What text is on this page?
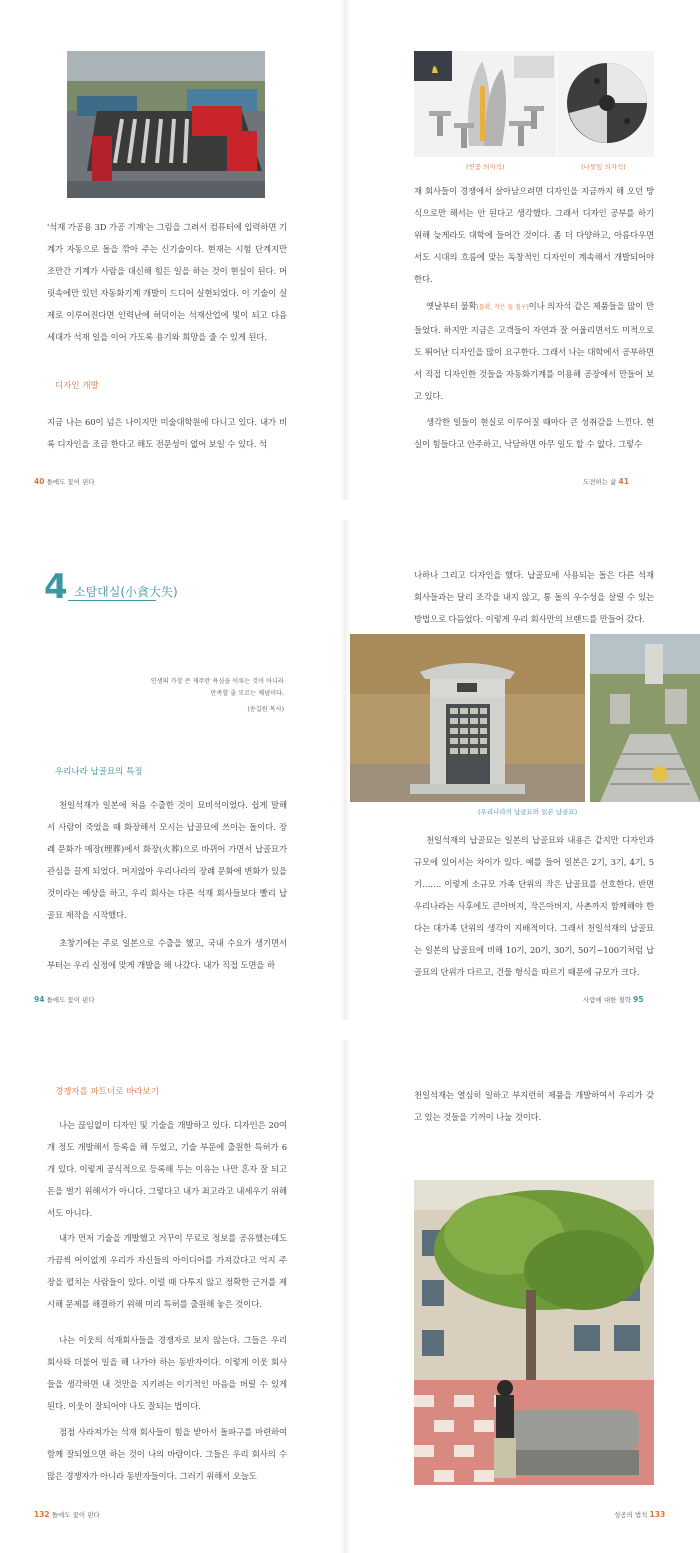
'석재 가공용 3D 가공 기계'는 그림을 그려서 컴퓨터에 입력하면 기계가 자동으로 돌을 깎아 주는 신기술이다. 현재는 시험 단계지만 조만간 기계가 사람을 대신해 힘든 일을 하는 것이 현실이 된다. 머릿속에만 있던 자동화기계 개발이 드디어 실현되었다. 이 기술이 실제로 이루어진다면 인력난에 허덕이는 석재산업에 빛이 되고 다음 세대가 석재 일을 이어 가도록 용기와 희망을 줄 수 있게 된다.

디자인 개발

지금 나는 60이 넘은 나이지만 미술대학원에 다니고 있다. 내가 비록 디자인을 조금 한다고 해도 전문성이 없어 보일 수 있다. 석

40 돌에도 꽃이 핀다

(연꽃 의자석)	(나뭇잎 의자석)

재 회사들이 경쟁에서 살아남으려면 디자인을 지금까지 해 오던 방식으로만 해서는 안 된다고 생각했다. 그래서 디자인 공부를 하기 위해 늦게라도 대학에 들어간 것이다. 좀 더 다양하고, 아름다우면서도 시대의 흐름에 맞는 독창적인 디자인이 계속해서 개발되어야 한다.

옛날부터 물확(물확, 작은 돌 절구)이나 의자석 같은 제품들을 많이 만들었다. 하지만 지금은 고객들이 자연과 잘 어울리면서도 미적으로도 뛰어난 디자인을 많이 요구한다. 그래서 나는 대학에서 공부하면서 직접 디자인한 것들을 자동화기계를 이용해 공장에서 만들어 보고 있다.

생각한 일들이 현실로 이루어질 때마다 큰 성취감을 느낀다. 현실이 힘들다고 안주하고, 낙담하면 아무 일도 할 수 없다. 그렇수

도전하는 삶 41

4 소탐대실(小貪大失)

인생의 가장 큰 재주란 욕심을 이루는 것이 아니라

만족할 줄 모르는 체념이다.

(송길원 목사)

우리나라 납골묘의 특징

천일석재가 일본에 처음 수출한 것이 묘비석이었다. 쉽게 말해서 사람이 죽었을 때 화장해서 모시는 납골묘에 쓰이는 돌이다. 장례 문화가 매장(埋葬)에서 화장(火葬)으로 바뀌어 가면서 납골묘가 관심을 끌게 되었다. 머지않아 우리나라의 장례 문화에 변화가 있을 것이라는 예상을 하고, 우리 회사는 다른 석재 회사들보다 빨리 납골묘 제작을 시작했다.

초창기에는 주로 일본으로 수출을 했고, 국내 수요가 생기면서부터는 우리 실정에 맞게 개발을 해 나갔다. 내가 직접 도면을 하

94 돌에도 꽃이 핀다

나하나 그리고 디자인을 했다. 납골묘에 사용되는 돌은 다른 석재 회사들과는 달리 조각을 내지 않고, 통 돌의 우수성을 살릴 수 있는 방법으로 다듬었다. 이렇게 우리 회사만의 브랜드를 만들어 갔다.

(우리나라의 납골묘와 일본 납골묘)

천일석재의 납골묘는 일본의 납골묘와 내용은 같지만 디자인과 규모에 있어서는 차이가 있다. 예를 들어 일본은 2기, 3기, 4기, 5기……. 이렇게 소규모 가족 단위의 작은 납골묘를 선호한다. 반면 우리나라는 사후에도 큰아버지, 작은아버지, 사촌까지 함께해야 한다는 대가족 단위의 생각이 지배적이다. 그래서 천일석재의 납골묘는 일본의 납골묘에 비해 10기, 20기, 30기, 50기~100기처럼 납골묘의 단위가 다르고, 건물 형식을 따르기 때문에 규모가 크다.

사람에 대한 철학 95

경쟁자를 파트너로 바라보기

나는 끊임없이 디자인 및 기술을 개발하고 있다. 디자인은 20여 개 정도 개발해서 등록을 해 두었고, 기술 부문에 출원한 특허가 6개 있다. 이렇게 공식적으로 등록해 두는 이유는 나만 혼자 잘 되고 돈을 벌기 위해서가 아니다. 그렇다고 내가 최고라고 내세우기 위해서도 아니다.

내가 먼저 기술을 개발했고 거꾸이 무료로 정보를 공유했는데도 가끔씩 어이없게 우리가 자신들의 아이디어를 가져갔다고 억지 주장을 펼치는 사람들이 있다. 이럴 때 다투지 않고 정확한 근거를 제시해 문제를 해결하기 위해 미리 특허를 출원해 놓은 것이다.

나는 이웃의 석재회사들을 경쟁자로 보지 않는다. 그들은 우리 회사와 더불어 일을 해 나가야 하는 동반자이다. 이렇게 이웃 회사들을 생각하면 내 것만을 지키려는 이기적인 마음을 버릴 수 있게 된다. 이웃이 잘되어야 나도 잘되는 법이다.

점점 사라져가는 석재 회사들이 힘을 받아서 돌파구를 마련하여 함께 잘되었으면 하는 것이 나의 바람이다. 그들은 우리 회사의 수많은 경쟁자가 아니라 동반자들이다. 그러기 위해서 오늘도

132 돌에도 꽃이 핀다

천일석재는 열심히 일하고 부지런히 제품을 개발하여서 우리가 갖고 있는 것들을 기꺼이 나눌 것이다.

성공의 법칙 133
